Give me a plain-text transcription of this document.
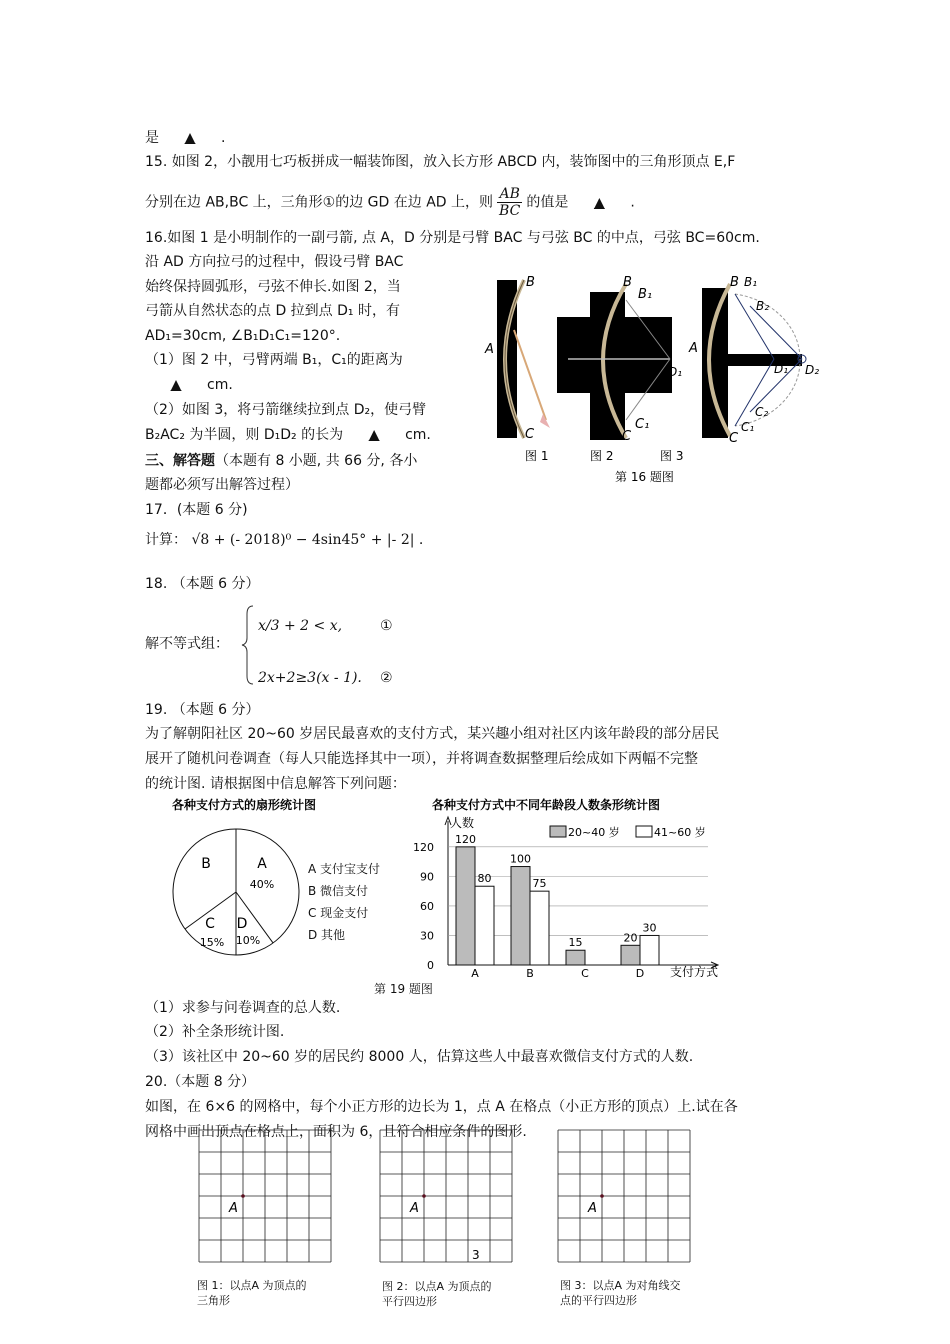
是 ▲ .
15. 如图 2，小靓用七巧板拼成一幅装饰图，放入长方形 ABCD 内，装饰图中的三角形顶点 E,F
分别在边 AB,BC 上，三角形①的边 GD 在边 AD 上，则 $\frac{AB}{BC}$ 的值是 ▲ .
16.如图 1 是小明制作的一副弓箭, 点 A，D 分别是弓臂 BAC 与弓弦 BC 的中点，弓弦 BC=60cm.
沿 AD 方向拉弓的过程中，假设弓臂 BAC
始终保持圆弧形，弓弦不伸长.如图 2，当
弓箭从自然状态的点 D 拉到点 D₁ 时，有
AD₁=30cm, ∠B₁D₁C₁=120°.
（1）图 2 中，弓臂两端 B₁，C₁的距离为
▲ cm.
（2）如图 3，将弓箭继续拉到点 D₂，使弓臂
B₂AC₂ 为半圆，则 D₁D₂ 的长为 ▲ cm.
三、解答题（本题有 8 小题, 共 66 分, 各小
题都必须写出解答过程）
B
A
C
B
B₁
D₁
C₁
C
B B₁
B₂
A
D₁ D₂
C₂
C₁
C
图 1	图 2	图 3
第 16 题图
17．(本题 6 分)
计算： √8 + (- 2018)⁰ − 4sin45° + |- 2| .
18. （本题 6 分）
解不等式组：
x/3 + 2 < x,	①
2x+2≥3(x - 1). ②
19. （本题 6 分）
为了解朝阳社区 20~60 岁居民最喜欢的支付方式，某兴趣小组对社区内该年龄段的部分居民
展开了随机问卷调查（每人只能选择其中一项），并将调查数据整理后绘成如下两幅不完整
的统计图. 请根据图中信息解答下列问题：
各种支付方式的扇形统计图
A
40%
B
C
15%
D
10%
A 支付宝支付
B 微信支付
C 现金支付
D 其他
各种支付方式中不同年龄段人数条形统计图
0
30
60
90
120
人数
支付方式
A
120
80
B
100
75
C
15
D
20
30
20~40 岁	41~60 岁
第 19 题图
（1）求参与问卷调查的总人数.
（2）补全条形统计图.
（3）该社区中 20~60 岁的居民约 8000 人，估算这些人中最喜欢微信支付方式的人数.
20.（本题 8 分）
如图，在 6×6 的网格中，每个小正方形的边长为 1，点 A 在格点（小正方形的顶点）上.试在各
网格中画出顶点在格点上，面积为 6，且符合相应条件的图形.
A	A	A
3
图 1：以点A 为顶点的
三角形
图 2：以点A 为顶点的
平行四边形
图 3：以点A 为对角线交
点的平行四边形
